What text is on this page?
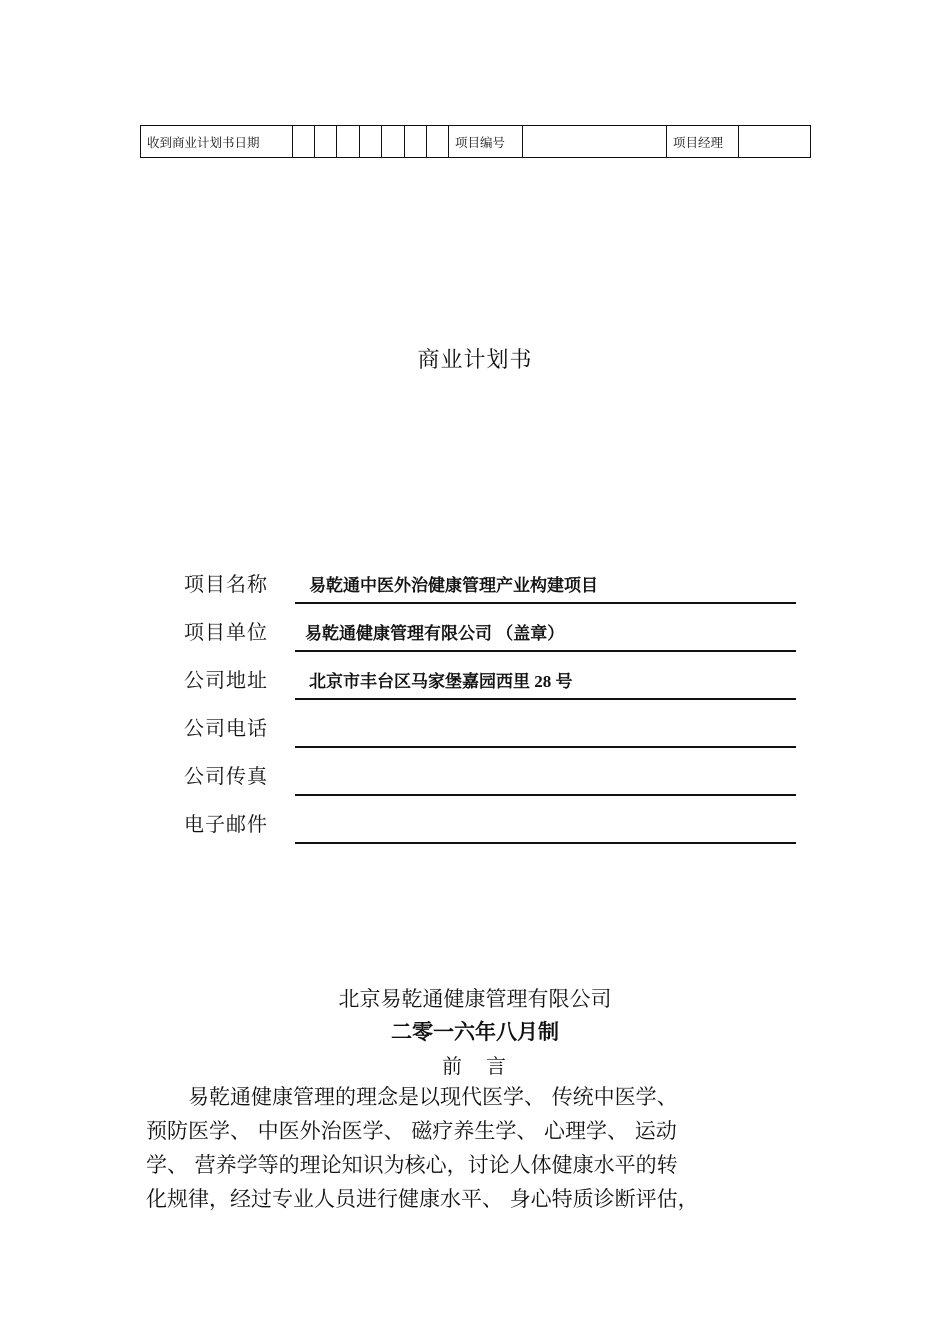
收到商业计划书日期								项目编号		项目经理	
商业计划书
项目名称 易乾通中医外治健康管理产业构建项目
项目单位 易乾通健康管理有限公司 （盖章）
公司地址 北京市丰台区马家堡嘉园西里 28 号
公司电话
公司传真
电子邮件
北京易乾通健康管理有限公司
二零一六年八月制
前　言

　　易乾通健康管理的理念是以现代医学、 传统中医学、

预防医学、 中医外治医学、 磁疗养生学、 心理学、 运动

学、 营养学等的理论知识为核心，讨论人体健康水平的转

化规律，经过专业人员进行健康水平、 身心特质诊断评估，
